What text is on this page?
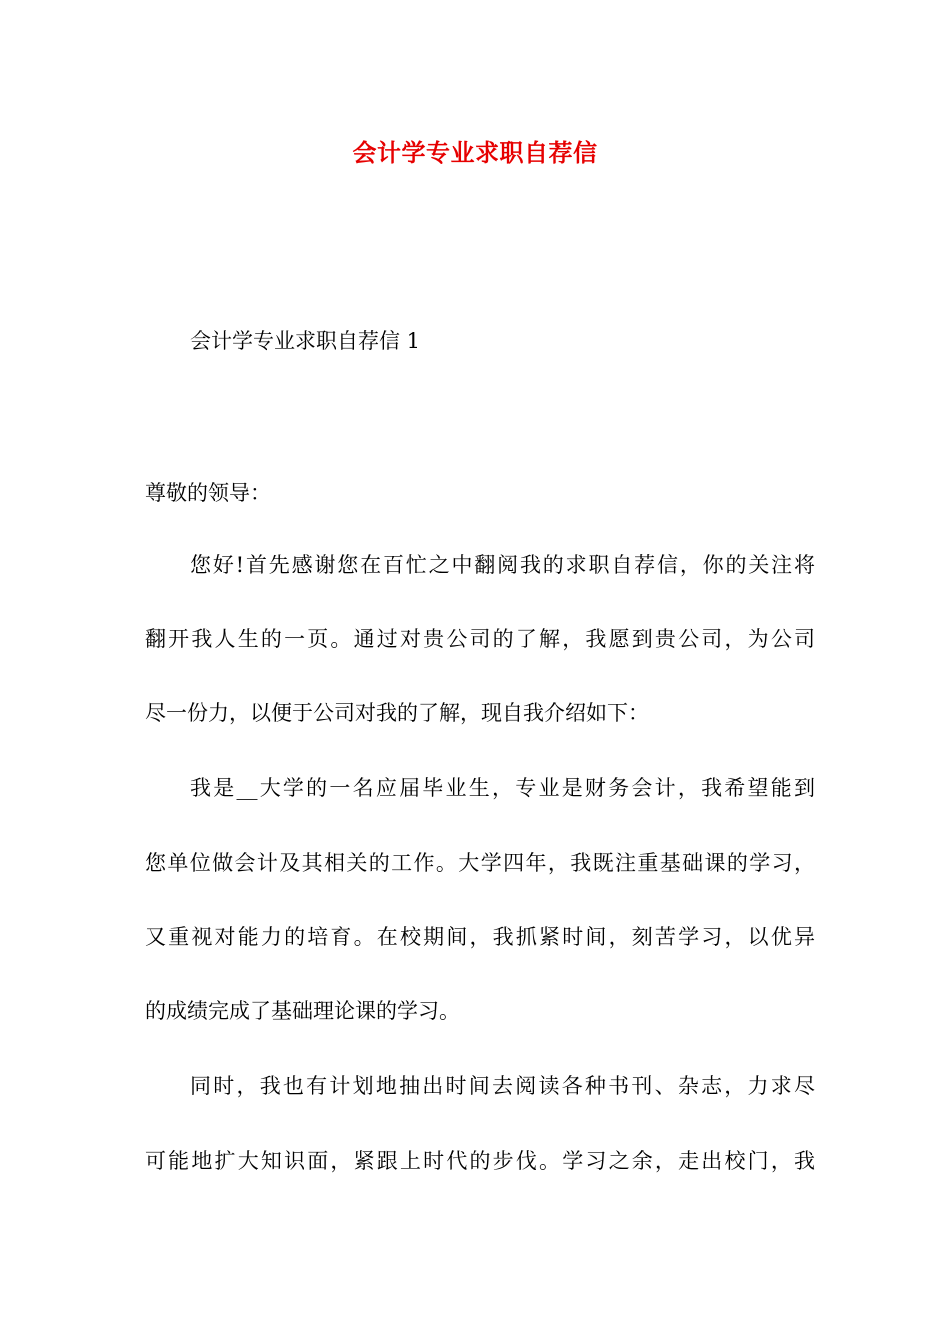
会计学专业求职自荐信
会计学专业求职自荐信 1
尊敬的领导：
您好!首先感谢您在百忙之中翻阅我的求职自荐信，你的关注将
翻开我人生的一页。通过对贵公司的了解，我愿到贵公司，为公司
尽一份力，以便于公司对我的了解，现自我介绍如下：
我是__大学的一名应届毕业生，专业是财务会计，我希望能到
您单位做会计及其相关的工作。大学四年，我既注重基础课的学习，
又重视对能力的培育。在校期间，我抓紧时间，刻苦学习，以优异
的成绩完成了基础理论课的学习。
同时，我也有计划地抽出时间去阅读各种书刊、杂志，力求尽
可能地扩大知识面，紧跟上时代的步伐。学习之余，走出校门，我
